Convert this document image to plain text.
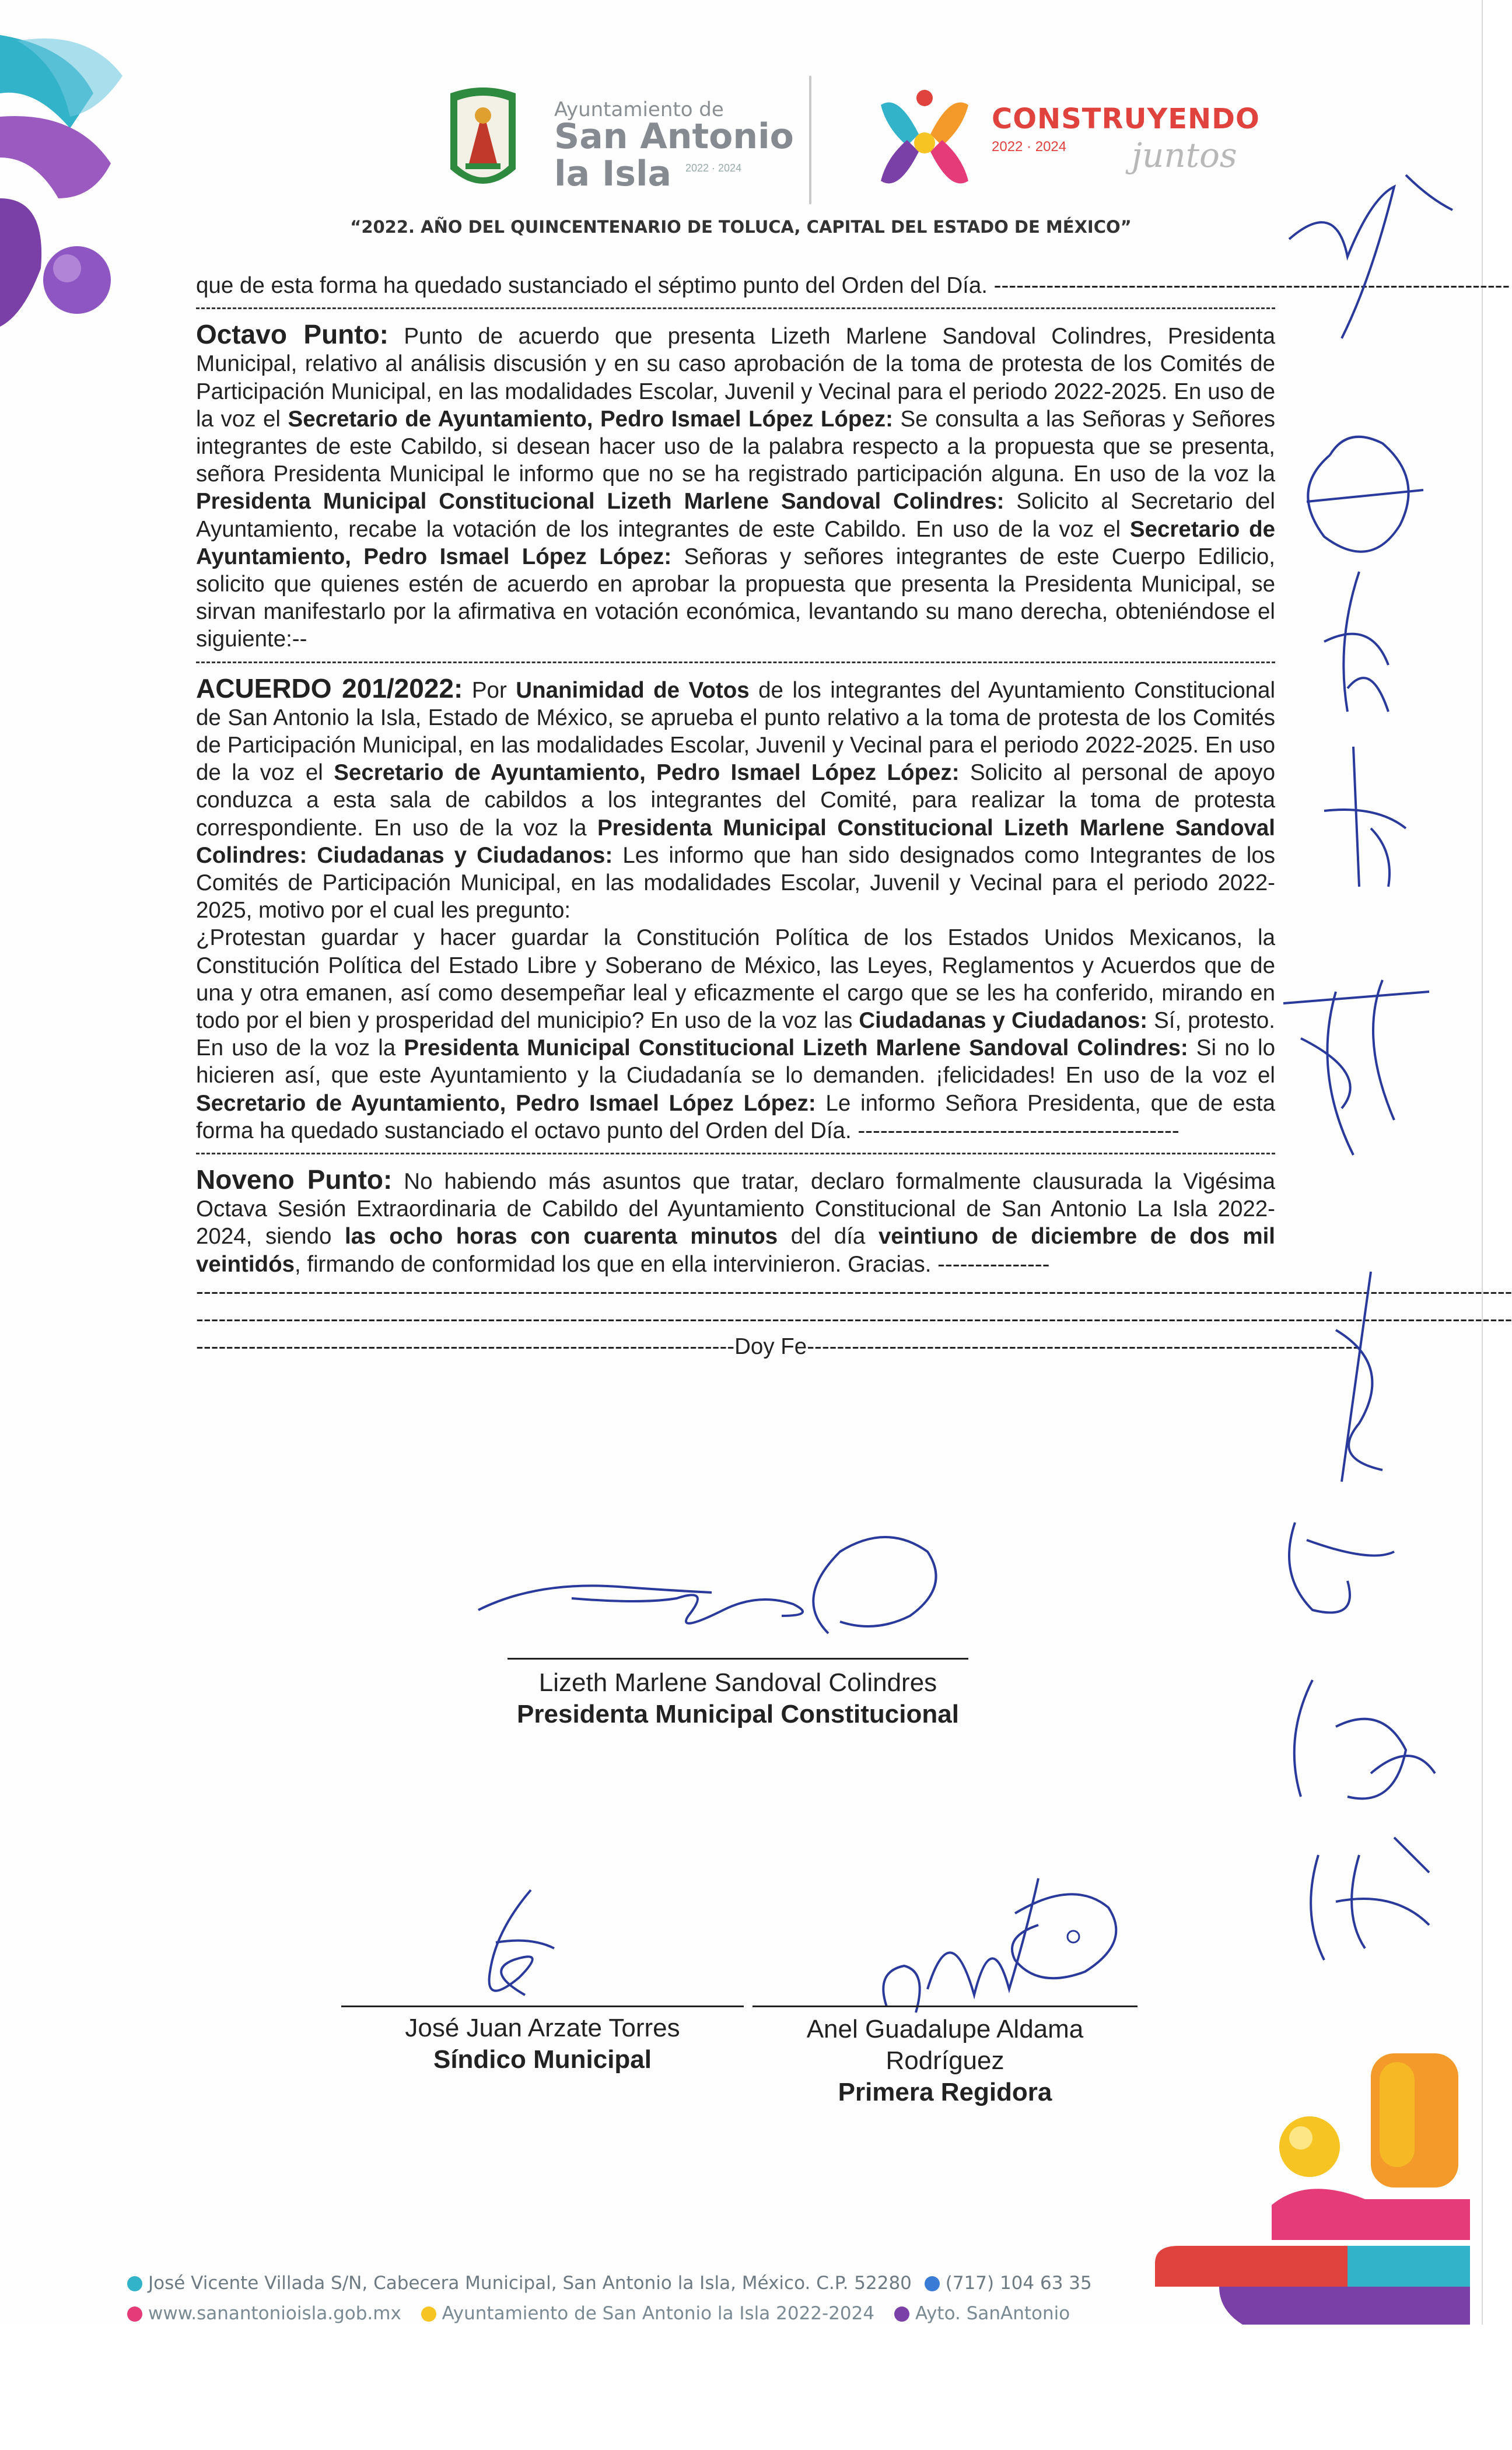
Ayuntamiento de
San Antonio
la Isla	2022 · 2024
CONSTRUYENDO
2022 · 2024 juntos
“2022. AÑO DEL QUINCENTENARIO DE TOLUCA, CAPITAL DEL ESTADO DE MÉXICO”

que de esta forma ha quedado sustanciado el séptimo punto del Orden del Día. ---------------------------------------------------------------------

Octavo Punto: Punto de acuerdo que presenta Lizeth Marlene Sandoval Colindres, Presidenta Municipal, relativo al análisis discusión y en su caso aprobación de la toma de protesta de los Comités de Participación Municipal, en las modalidades Escolar, Juvenil y Vecinal para el periodo 2022-2025. En uso de la voz el Secretario de Ayuntamiento, Pedro Ismael López López: Se consulta a las Señoras y Señores integrantes de este Cabildo, si desean hacer uso de la palabra respecto a la propuesta que se presenta, señora Presidenta Municipal le informo que no se ha registrado participación alguna. En uso de la voz la Presidenta Municipal Constitucional Lizeth Marlene Sandoval Colindres: Solicito al Secretario del Ayuntamiento, recabe la votación de los integrantes de este Cabildo. En uso de la voz el Secretario de Ayuntamiento, Pedro Ismael López López: Señoras y señores integrantes de este Cuerpo Edilicio, solicito que quienes estén de acuerdo en aprobar la propuesta que presenta la Presidenta Municipal, se sirvan manifestarlo por la afirmativa en votación económica, levantando su mano derecha, obteniéndose el siguiente:--

ACUERDO 201/2022: Por Unanimidad de Votos de los integrantes del Ayuntamiento Constitucional de San Antonio la Isla, Estado de México, se aprueba el punto relativo a la toma de protesta de los Comités de Participación Municipal, en las modalidades Escolar, Juvenil y Vecinal para el periodo 2022-2025. En uso de la voz el Secretario de Ayuntamiento, Pedro Ismael López López: Solicito al personal de apoyo conduzca a esta sala de cabildos a los integrantes del Comité, para realizar la toma de protesta correspondiente. En uso de la voz la Presidenta Municipal Constitucional Lizeth Marlene Sandoval Colindres: Ciudadanas y Ciudadanos: Les informo que han sido designados como Integrantes de los Comités de Participación Municipal, en las modalidades Escolar, Juvenil y Vecinal para el periodo 2022-2025, motivo por el cual les pregunto:

¿Protestan guardar y hacer guardar la Constitución Política de los Estados Unidos Mexicanos, la Constitución Política del Estado Libre y Soberano de México, las Leyes, Reglamentos y Acuerdos que de una y otra emanen, así como desempeñar leal y eficazmente el cargo que se les ha conferido, mirando en todo por el bien y prosperidad del municipio? En uso de la voz las Ciudadanas y Ciudadanos: Sí, protesto. En uso de la voz la Presidenta Municipal Constitucional Lizeth Marlene Sandoval Colindres: Si no lo hicieren así, que este Ayuntamiento y la Ciudadanía se lo demanden. ¡felicidades! En uso de la voz el Secretario de Ayuntamiento, Pedro Ismael López López: Le informo Señora Presidenta, que de esta forma ha quedado sustanciado el octavo punto del Orden del Día. -------------------------------------------

Noveno Punto: No habiendo más asuntos que tratar, declaro formalmente clausurada la Vigésima Octava Sesión Extraordinaria de Cabildo del Ayuntamiento Constitucional de San Antonio La Isla 2022-2024, siendo las ocho horas con cuarenta minutos del día veintiuno de diciembre de dos mil veintidós, firmando de conformidad los que en ella intervinieron. Gracias. ---------------

--------------------------------------------------------------------------------------------------------------------------------------------------------------------------------

--------------------------------------------------------------------------------------------------------------------------------------------------------------------------------

------------------------------------------------------------------------Doy Fe--------------------------------------------------------------------------

Lizeth Marlene Sandoval Colindres
Presidenta Municipal Constitucional
José Juan Arzate Torres
Síndico Municipal
Anel Guadalupe Aldama
Rodríguez
Primera Regidora
José Vicente Villada S/N, Cabecera Municipal, San Antonio la Isla, México. C.P. 52280 (717) 104 63 35
www.sanantonioisla.gob.mx Ayuntamiento de San Antonio la Isla 2022-2024 Ayto. SanAntonio
